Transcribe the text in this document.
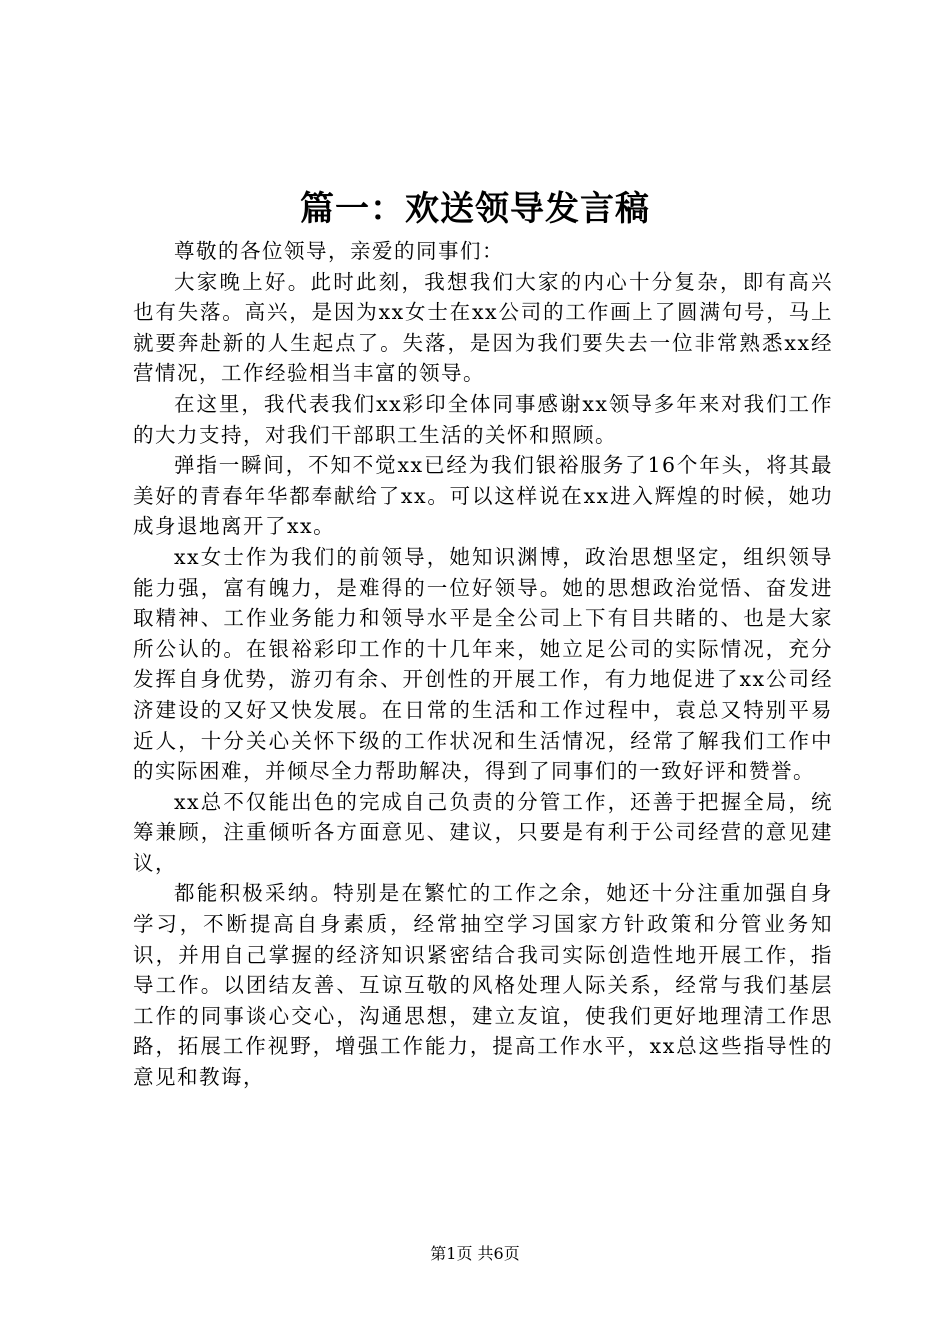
篇一：欢送领导发言稿

尊敬的各位领导，亲爱的同事们：

大家晚上好。此时此刻，我想我们大家的内心十分复杂，即有高兴也有失落。高兴，是因为xx女士在xx公司的工作画上了圆满句号，马上就要奔赴新的人生起点了。失落，是因为我们要失去一位非常熟悉xx经营情况，工作经验相当丰富的领导。

在这里，我代表我们xx彩印全体同事感谢xx领导多年来对我们工作的大力支持，对我们干部职工生活的关怀和照顾。

弹指一瞬间，不知不觉xx已经为我们银裕服务了16个年头，将其最美好的青春年华都奉献给了xx。可以这样说在xx进入辉煌的时候，她功成身退地离开了xx。

xx女士作为我们的前领导，她知识渊博，政治思想坚定，组织领导能力强，富有魄力，是难得的一位好领导。她的思想政治觉悟、奋发进取精神、工作业务能力和领导水平是全公司上下有目共睹的、也是大家所公认的。在银裕彩印工作的十几年来，她立足公司的实际情况，充分发挥自身优势，游刃有余、开创性的开展工作，有力地促进了xx公司经济建设的又好又快发展。在日常的生活和工作过程中，袁总又特别平易近人，十分关心关怀下级的工作状况和生活情况，经常了解我们工作中的实际困难，并倾尽全力帮助解决，得到了同事们的一致好评和赞誉。

xx总不仅能出色的完成自己负责的分管工作，还善于把握全局，统筹兼顾，注重倾听各方面意见、建议，只要是有利于公司经营的意见建议，

都能积极采纳。特别是在繁忙的工作之余，她还十分注重加强自身学习，不断提高自身素质，经常抽空学习国家方针政策和分管业务知识，并用自己掌握的经济知识紧密结合我司实际创造性地开展工作，指导工作。以团结友善、互谅互敬的风格处理人际关系，经常与我们基层工作的同事谈心交心，沟通思想，建立友谊，使我们更好地理清工作思路，拓展工作视野，增强工作能力，提高工作水平，xx总这些指导性的意见和教诲，

第1页 共6页
